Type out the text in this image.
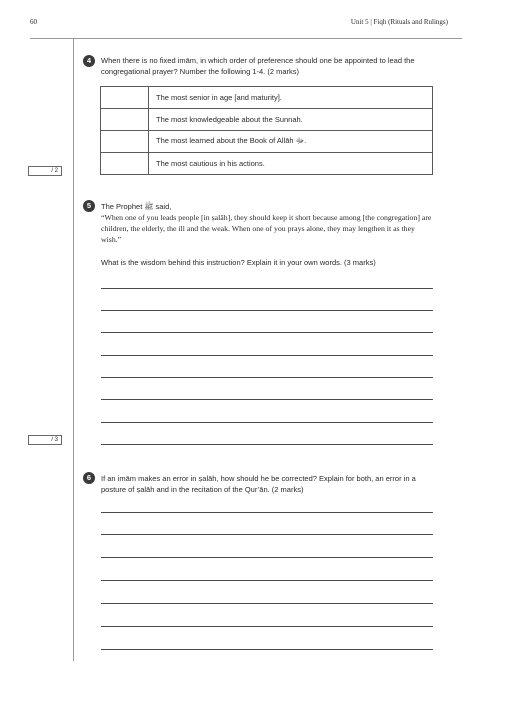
60	Unit 5 | Fiqh (Rituals and Rulings)
4	When there is no fixed imām, in which order of preference should one be appointed to lead the congregational prayer? Number the following 1-4. (2 marks)
	The most senior in age [and maturity].
	The most knowledgeable about the Sunnah.
	The most learned about the Book of Allāh ﷻ.
	The most cautious in his actions.
/ 2
5	The Prophet ﷺ said,
“When one of you leads people [in ṣalāh], they should keep it short because among [the congregation] are children, the elderly, the ill and the weak. When one of you prays alone, they may lengthen it as they wish.”
What is the wisdom behind this instruction? Explain it in your own words. (3 marks)
/ 3
6	If an imām makes an error in ṣalāh, how should he be corrected? Explain for both, an error in a posture of ṣalāh and in the recitation of the Qur’ān. (2 marks)
